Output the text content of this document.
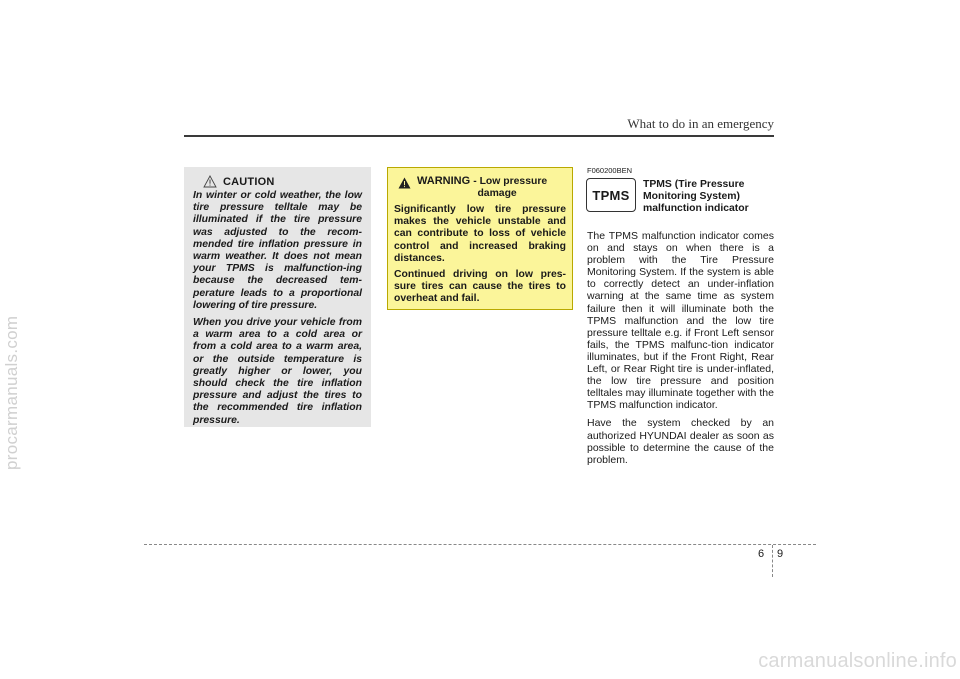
procarmanuals.com
What to do in an emergency
CAUTION

In winter or cold weather, the low tire pressure telltale may be illuminated if the tire pressure was adjusted to the recom-mended tire inflation pressure in warm weather. It does not mean your TPMS is malfunction-ing because the decreased tem-perature leads to a proportional lowering of tire pressure.

When you drive your vehicle from a warm area to a cold area or from a cold area to a warm area, or the outside temperature is greatly higher or lower, you should check the tire inflation pressure and adjust the tires to the recommended tire inflation pressure.

WARNING - Low pressure
damage

Significantly low tire pressure makes the vehicle unstable and can contribute to loss of vehicle control and increased braking distances.

Continued driving on low pres-sure tires can cause the tires to overheat and fail.

F060200BEN
TPMS
TPMS (Tire Pressure Monitoring System) malfunction indicator

The TPMS malfunction indicator comes on and stays on when there is a problem with the Tire Pressure Monitoring System. If the system is able to correctly detect an under-inflation warning at the same time as system failure then it will illuminate both the TPMS malfunction and the low tire pressure telltale e.g. if Front Left sensor fails, the TPMS malfunc-tion indicator illuminates, but if the Front Right, Rear Left, or Rear Right tire is under-inflated, the low tire pressure and position telltales may illuminate together with the TPMS malfunction indicator.

Have the system checked by an authorized HYUNDAI dealer as soon as possible to determine the cause of the problem.

6 9
carmanualsonline.info
